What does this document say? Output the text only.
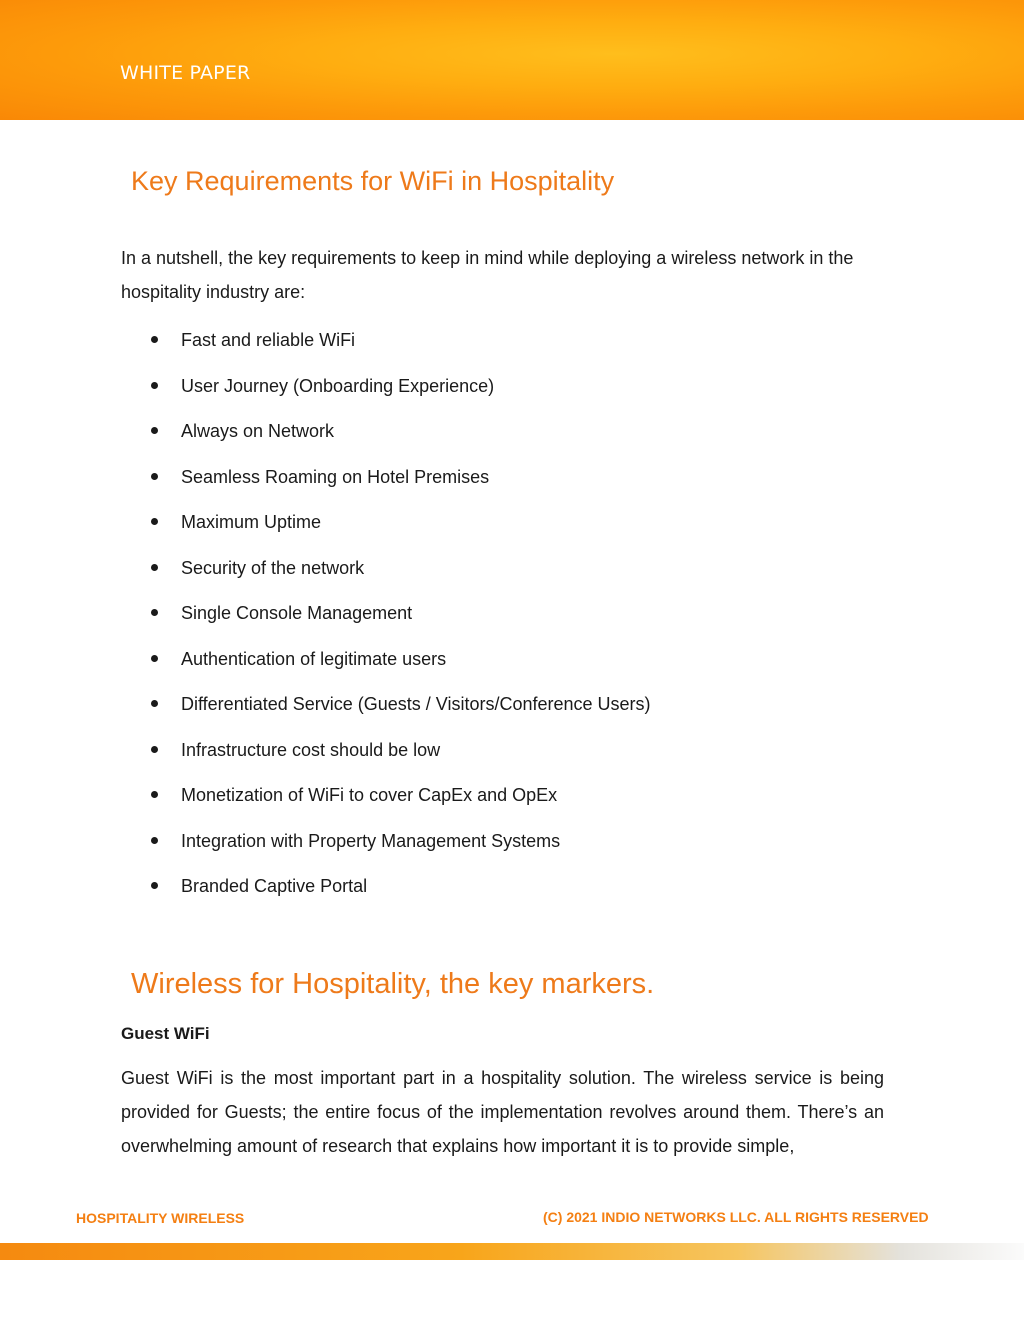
WHITE PAPER
Key Requirements for WiFi in Hospitality

In a nutshell, the key requirements to keep in mind while deploying a wireless network in the hospitality industry are:

Fast and reliable WiFi
User Journey (Onboarding Experience)
Always on Network
Seamless Roaming on Hotel Premises
Maximum Uptime
Security of the network
Single Console Management
Authentication of legitimate users
Differentiated Service (Guests / Visitors/Conference Users)
Infrastructure cost should be low
Monetization of WiFi to cover CapEx and OpEx
Integration with Property Management Systems
Branded Captive Portal
Wireless for Hospitality, the key markers.
Guest WiFi

Guest WiFi is the most important part in a hospitality solution. The wireless service is being provided for Guests; the entire focus of the implementation revolves around them. There’s an overwhelming amount of research that explains how important it is to provide simple,

HOSPITALITY WIRELESS	(C) 2021 INDIO NETWORKS LLC. ALL RIGHTS RESERVED
